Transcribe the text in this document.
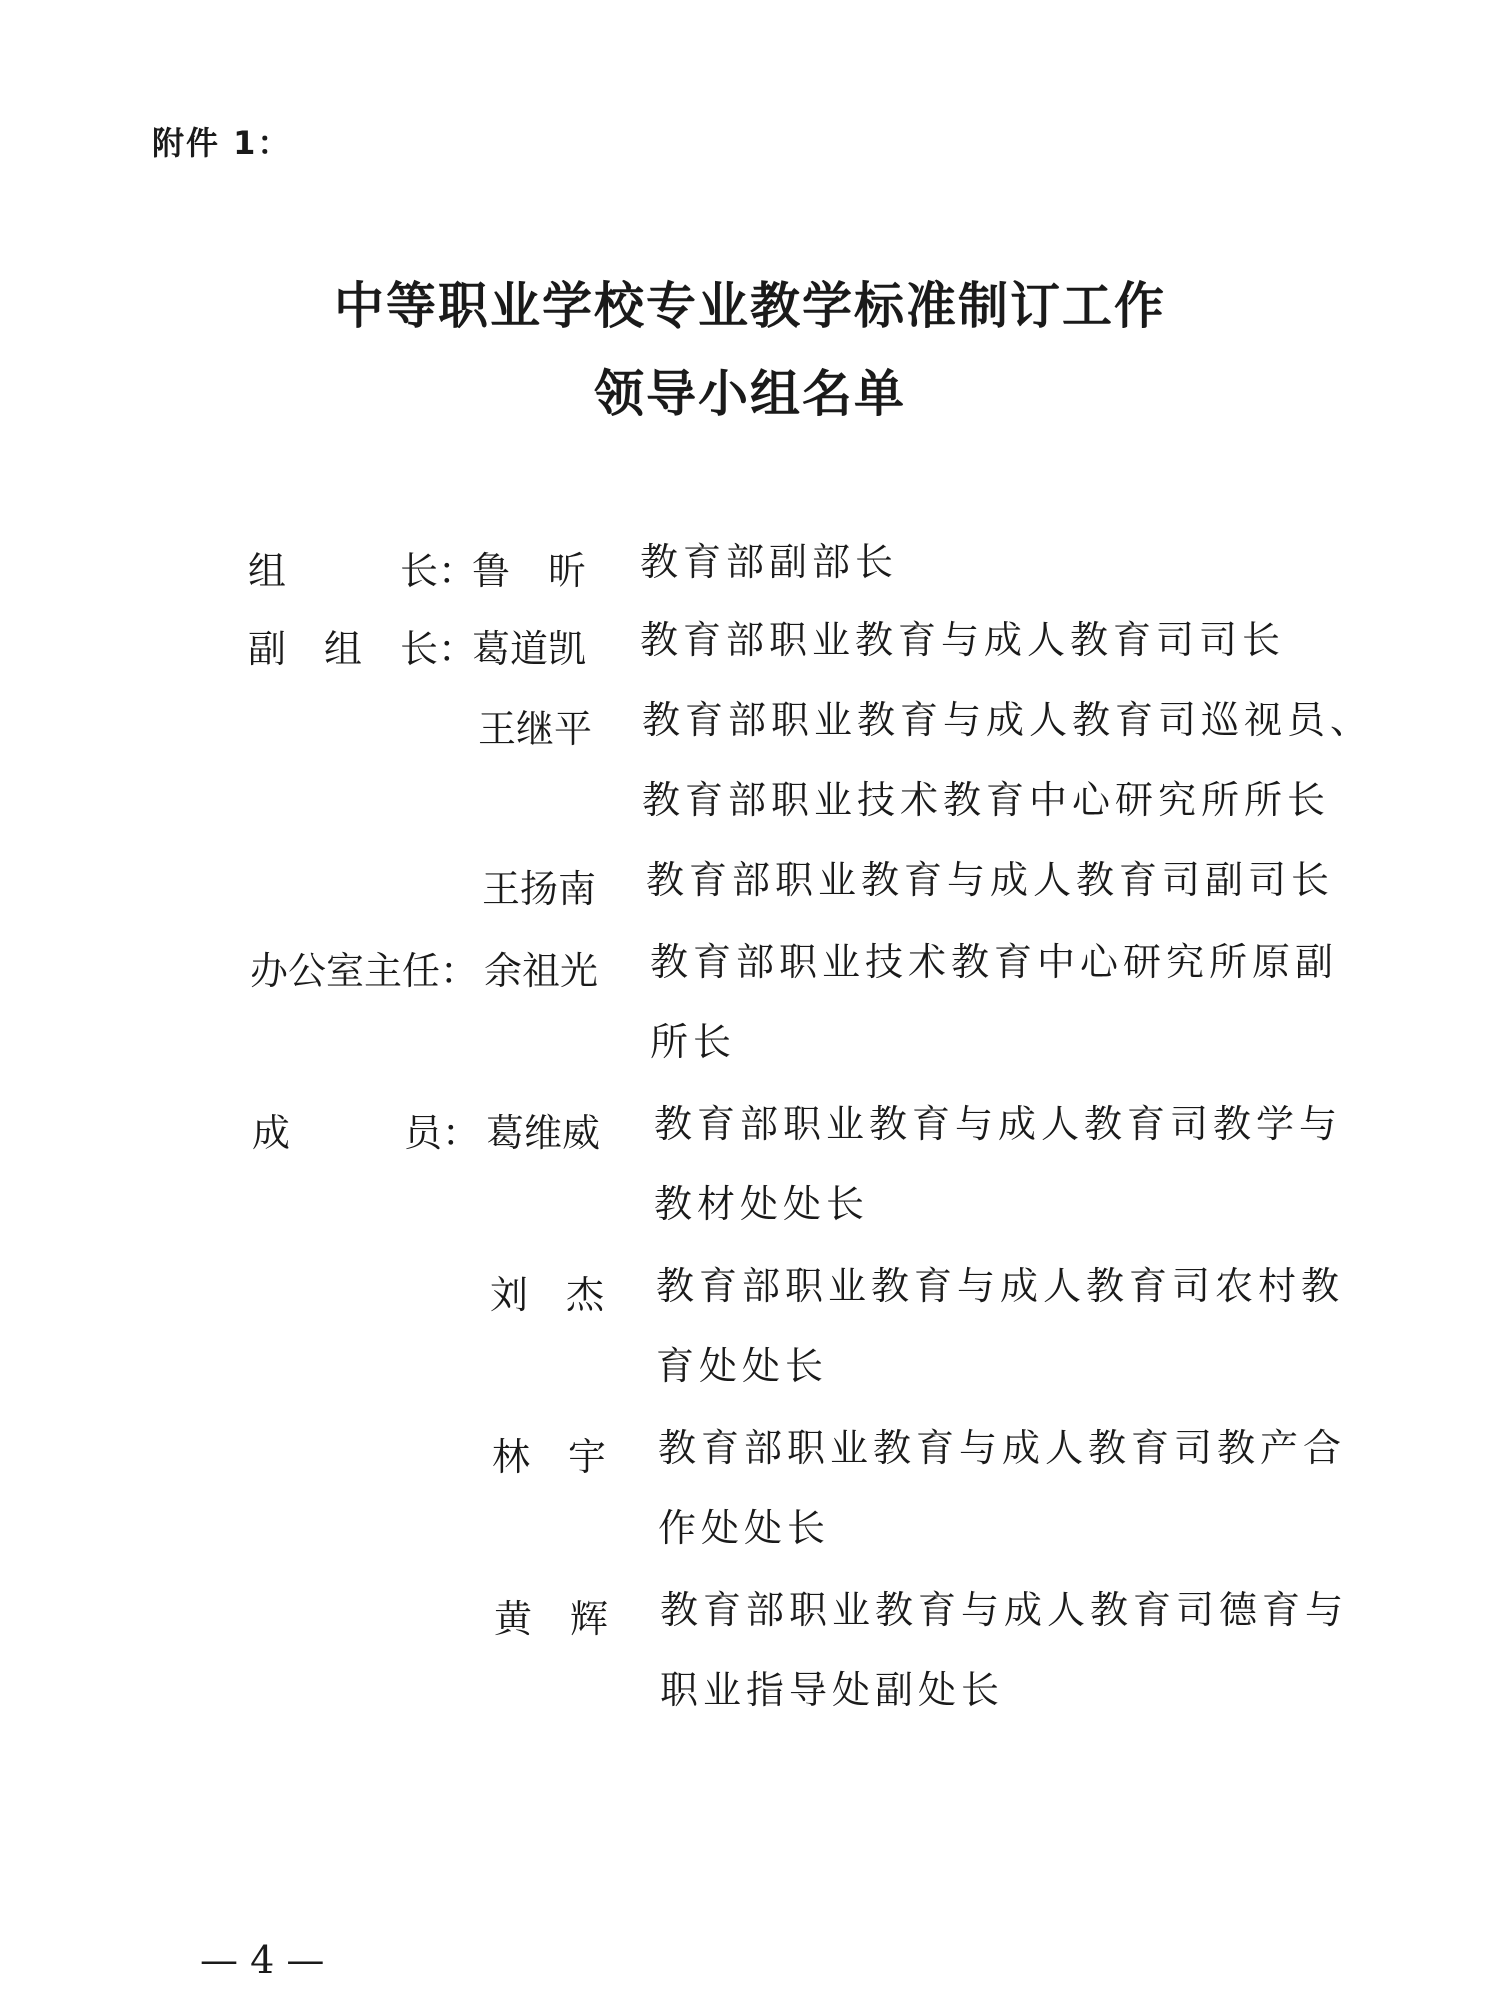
附件 1：
中等职业学校专业教学标准制订工作
领导小组名单
组　　　长：
鲁　昕 教育部副部长
副　组　长：
葛道凯 教育部职业教育与成人教育司司长
王继平 教育部职业教育与成人教育司巡视员、
教育部职业技术教育中心研究所所长
王扬南 教育部职业教育与成人教育司副司长
办公室主任： 余祖光 教育部职业技术教育中心研究所原副
所长
成　　　员： 葛维威 教育部职业教育与成人教育司教学与
教材处处长
刘　杰 教育部职业教育与成人教育司农村教
育处处长
林　宇 教育部职业教育与成人教育司教产合
作处处长
黄　辉 教育部职业教育与成人教育司德育与
职业指导处副处长
— 4 —
